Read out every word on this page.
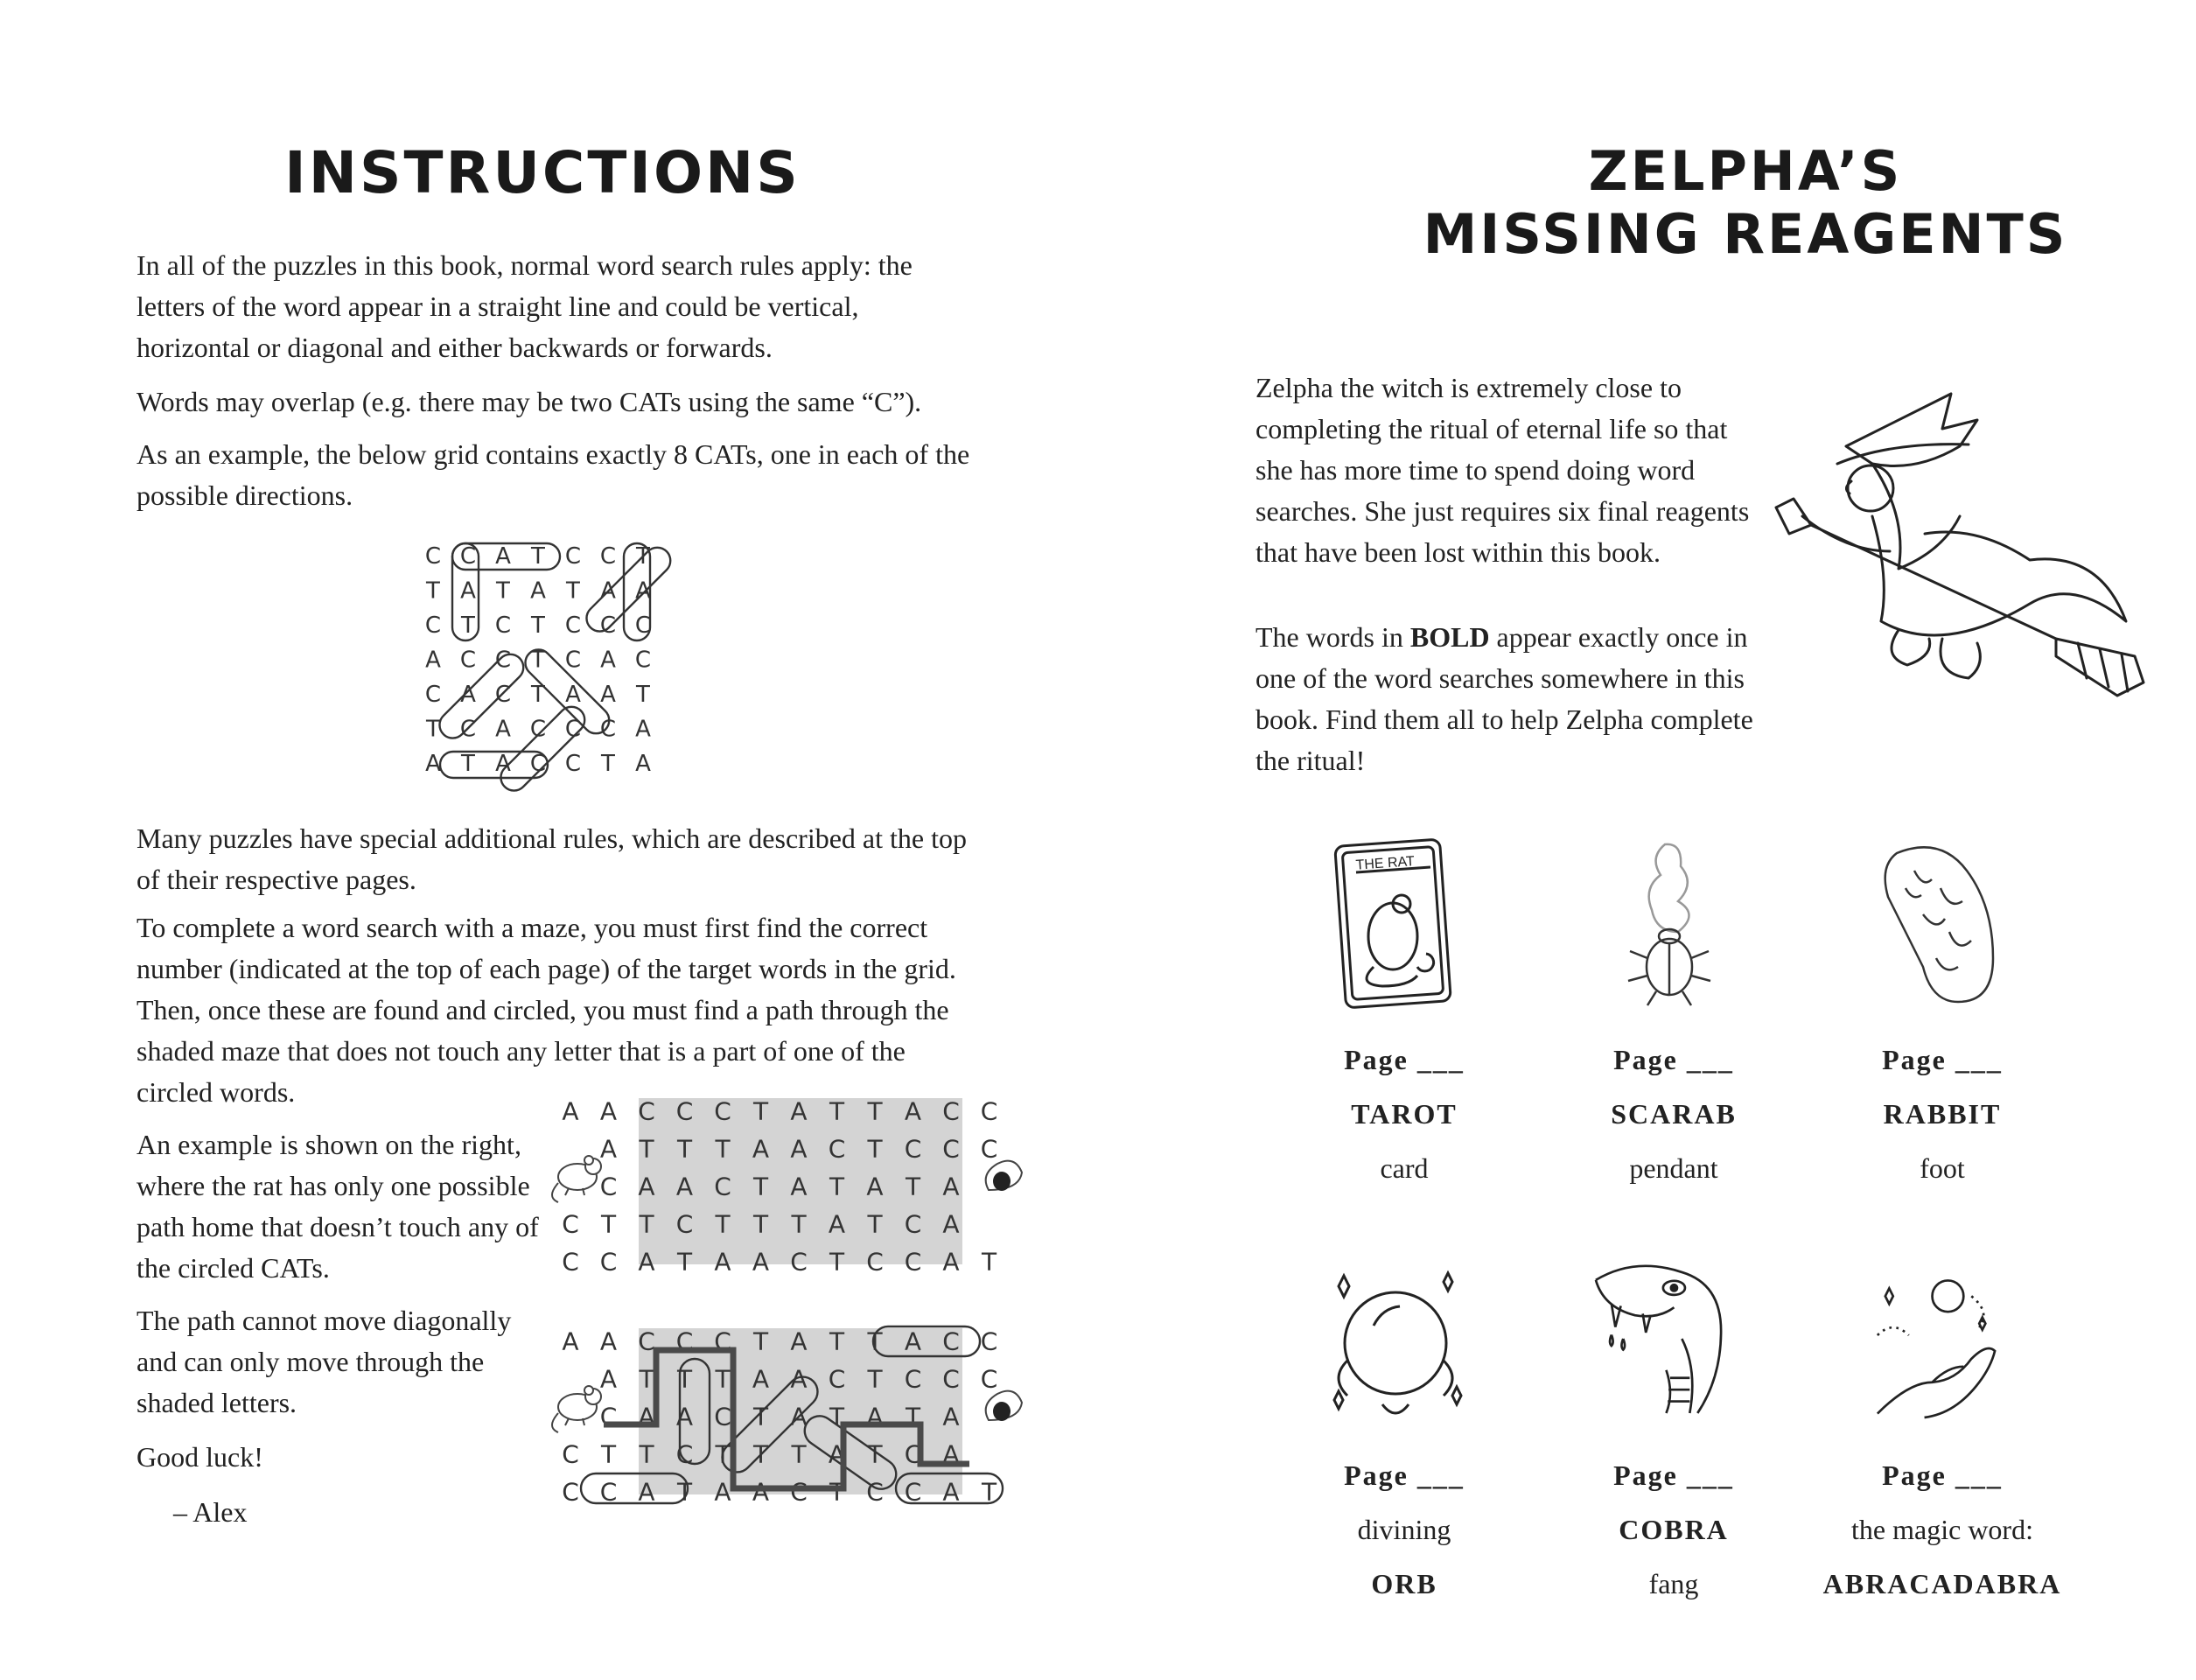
INSTRUCTIONS

In all of the puzzles in this book, normal word search rules apply: the letters of the word appear in a straight line and could be vertical, horizontal or diagonal and either backwards or forwards.

Words may overlap (e.g. there may be two CATs using the same “C”).

As an example, the below grid contains exactly 8 CATs, one in each of the possible directions.

C C A T C C T
T A T A T A A
C T C T C C C
A C C T C A C
C A C T A A T
T C A C C C A
A T A C C T A

Many puzzles have special additional rules, which are described at the top of their respective pages.

To complete a word search with a maze, you must first find the correct number (indicated at the top of each page) of the target words in the grid. Then, once these are found and circled, you must find a path through the shaded maze that does not touch any letter that is a part of one of the circled words.

An example is shown on the right, where the rat has only one possible path home that doesn’t touch any of the circled CATs.

The path cannot move diagonally and can only move through the shaded letters.

Good luck!

– Alex
A A C C C T A T T A C C
A T T T A A C T C C C
C A A C T A T A T A
C T T C T T T A T C A
C C A T A A C T C C A T
A A C C C T A T T A C C
A T T T A A C T C C C
C A A C T A T A T A
C T T C T T T A T C A
C C A T A A C T C C A T
ZELPHA’S
MISSING REAGENTS

Zelpha the witch is extremely close to completing the ritual of eternal life so that she has more time to spend doing word searches. She just requires six final reagents that have been lost within this book.

The words in BOLD appear exactly once in one of the word searches somewhere in this book. Find them all to help Zelpha complete the ritual!

THE RAT
Page ___
TAROT
card
Page ___
SCARAB
pendant
Page ___
RABBIT
foot
Page ___
divining
ORB
Page ___
COBRA
fang
Page ___
the magic word:
ABRACADABRA
